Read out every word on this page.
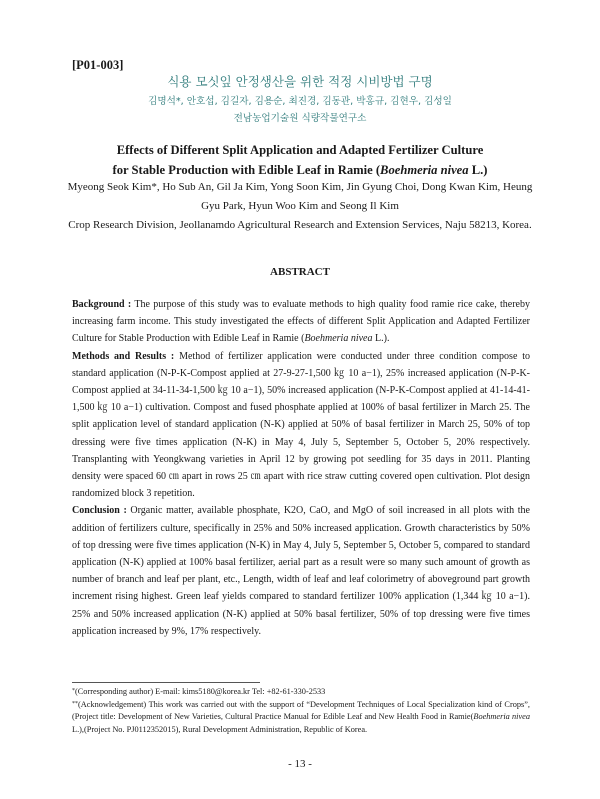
[P01-003]
식용 모싯잎 안정생산을 위한 적정 시비방법 구명
김명석*, 안호섭, 김길자, 김용순, 최진경, 김동관, 박홍규, 김현우, 김성일
전남농업기술원 식량작물연구소
Effects of Different Split Application and Adapted Fertilizer Culture
for Stable Production with Edible Leaf in Ramie (Boehmeria nivea L.)
Myeong Seok Kim*, Ho Sub An, Gil Ja Kim, Yong Soon Kim, Jin Gyung Choi, Dong Kwan Kim, Heung Gyu Park, Hyun Woo Kim and Seong Il Kim
Crop Research Division, Jeollanamdo Agricultural Research and Extension Services, Naju 58213, Korea.
ABSTRACT

Background : The purpose of this study was to evaluate methods to high quality food ramie rice cake, thereby increasing farm income. This study investigated the effects of different Split Application and Adapted Fertilizer Culture for Stable Production with Edible Leaf in Ramie (Boehmeria nivea L.).

Methods and Results : Method of fertilizer application were conducted under three condition compose to standard application (N-P-K-Compost applied at 27-9-27-1,500 ㎏ 10 a−1), 25% increased application (N-P-K-Compost applied at 34-11-34-1,500 ㎏ 10 a−1), 50% increased application (N-P-K-Compost applied at 41-14-41-1,500 ㎏ 10 a−1) cultivation. Compost and fused phosphate applied at 100% of basal fertilizer in March 25. The split application level of standard application (N-K) applied at 50% of basal fertilizer in March 25, 50% of top dressing were five times application (N-K) in May 4, July 5, September 5, October 5, 20% respectively. Transplanting with Yeongkwang varieties in April 12 by growing pot seedling for 35 days in 2011. Planting density were spaced 60 ㎝ apart in rows 25 ㎝ apart with rice straw cutting covered open cultivation. Plot design randomized block 3 repetition.

Conclusion : Organic matter, available phosphate, K2O, CaO, and MgO of soil increased in all plots with the addition of fertilizers culture, specifically in 25% and 50% increased application. Growth characteristics by 50% of top dressing were five times application (N-K) in May 4, July 5, September 5, October 5, compared to standard application (N-K) applied at 100% basal fertilizer, aerial part as a result were so many such amount of growth as number of branch and leaf per plant, etc., Length, width of leaf and leaf colorimetry of aboveground part growth increment rising highest. Green leaf yields compared to standard fertilizer 100% application (1,344 ㎏ 10 a−1). 25% and 50% increased application (N-K) applied at 50% basal fertilizer, 50% of top dressing were five times application increased by 9%, 17% respectively.

*(Corresponding author) E-mail: kims5180@korea.kr Tel: +82-61-330-2533

**(Acknowledgement) This work was carried out with the support of “Development Techniques of Local Specialization kind of Crops”, (Project title: Development of New Varieties, Cultural Practice Manual for Edible Leaf and New Health Food in Ramie(Boehmeria nivea L.),(Project No. PJ0112352015), Rural Development Administration, Republic of Korea.

- 13 -
